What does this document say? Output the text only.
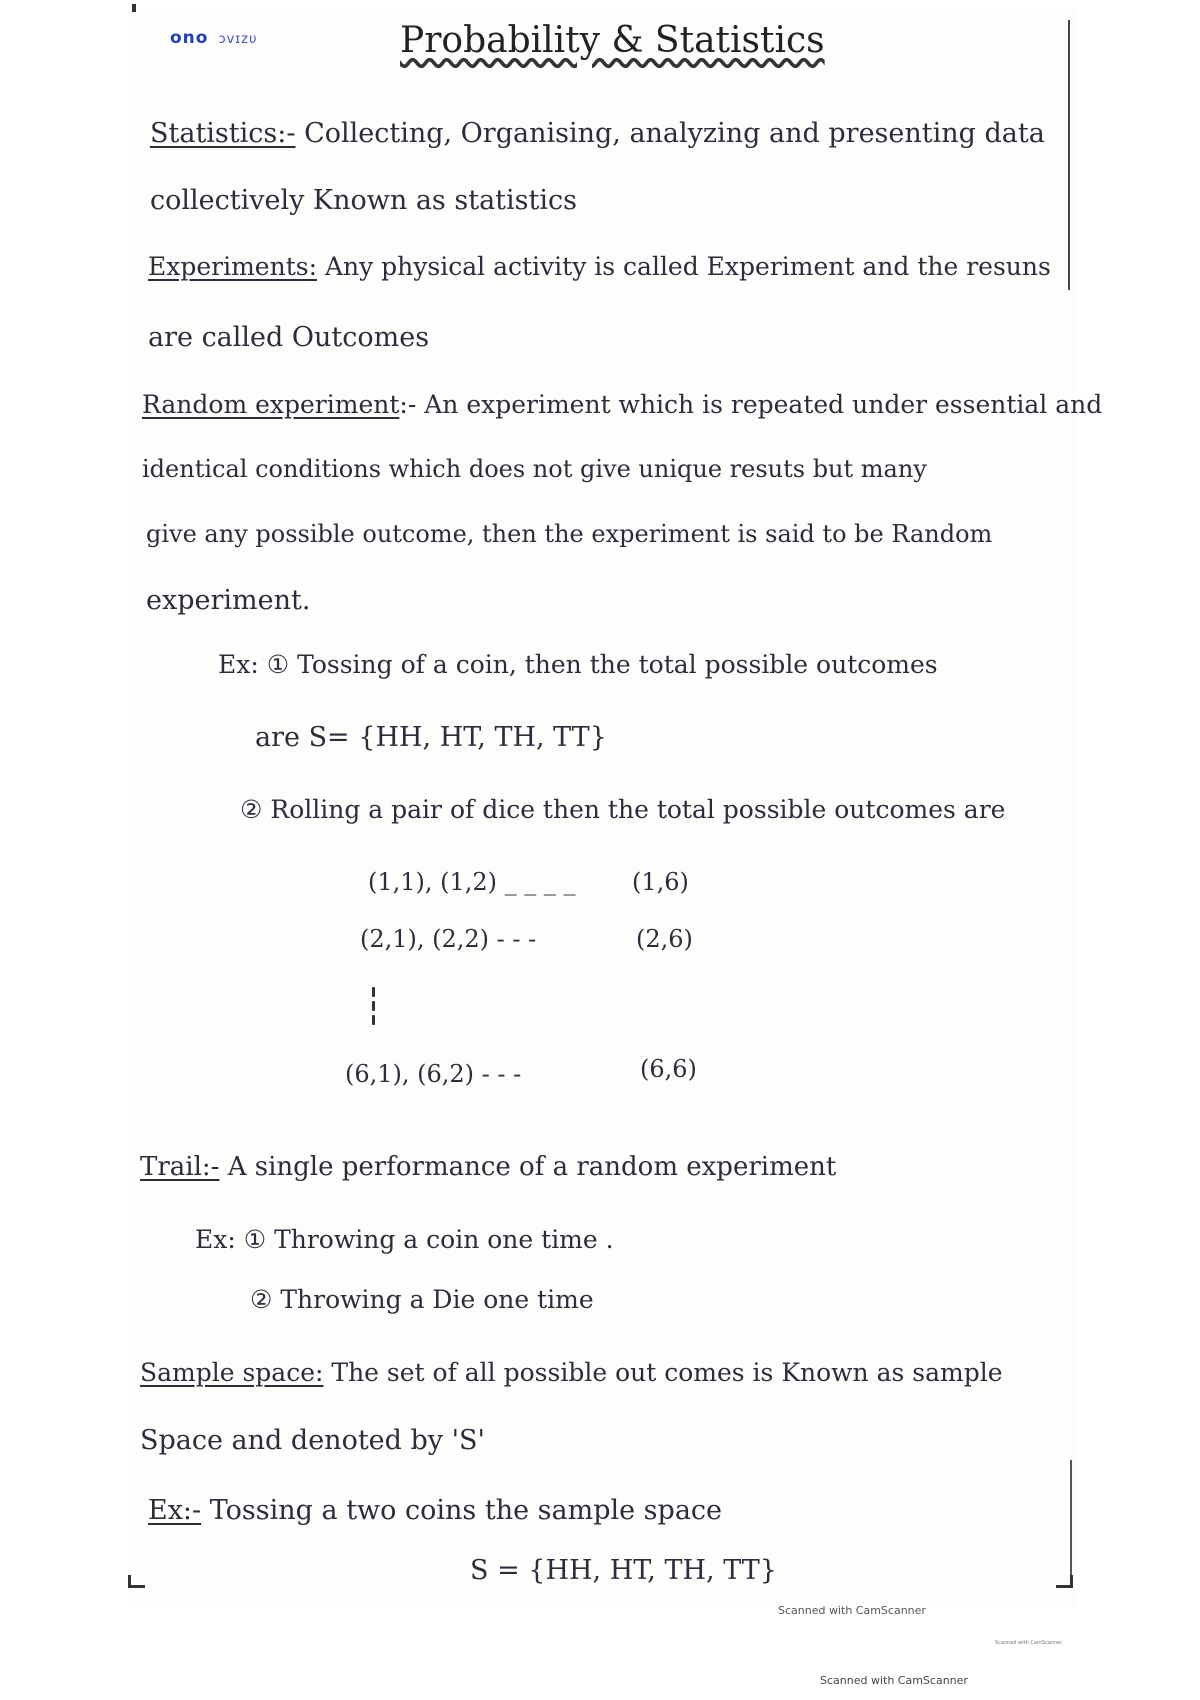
ono ɔvɪzυ	Probability & Statistics
Statistics:- Collecting, Organising, analyzing and presenting data
collectively Known as statistics
Experiments: Any physical activity is called Experiment and the resuns
are called Outcomes
Random experiment:- An experiment which is repeated under essential and
identical conditions which does not give unique resuts but many
give any possible outcome, then the experiment is said to be Random
experiment.
Ex: ① Tossing of a coin, then the total possible outcomes
are S= {HH, HT, TH, TT}
② Rolling a pair of dice then the total possible outcomes are
(1,1), (1,2) _ _ _ _ (1,6)
(2,1), (2,2) - - -	(2,6)
(6,1), (6,2) - - -	(6,6)
Trail:- A single performance of a random experiment
Ex: ① Throwing a coin one time .
② Throwing a Die one time
Sample space: The set of all possible out comes is Known as sample
Space and denoted by 'S'
Ex:- Tossing a two coins the sample space
S = {HH, HT, TH, TT}
Scanned with CamScanner
Scanned with CamScanner
Scanned with CamScanner
